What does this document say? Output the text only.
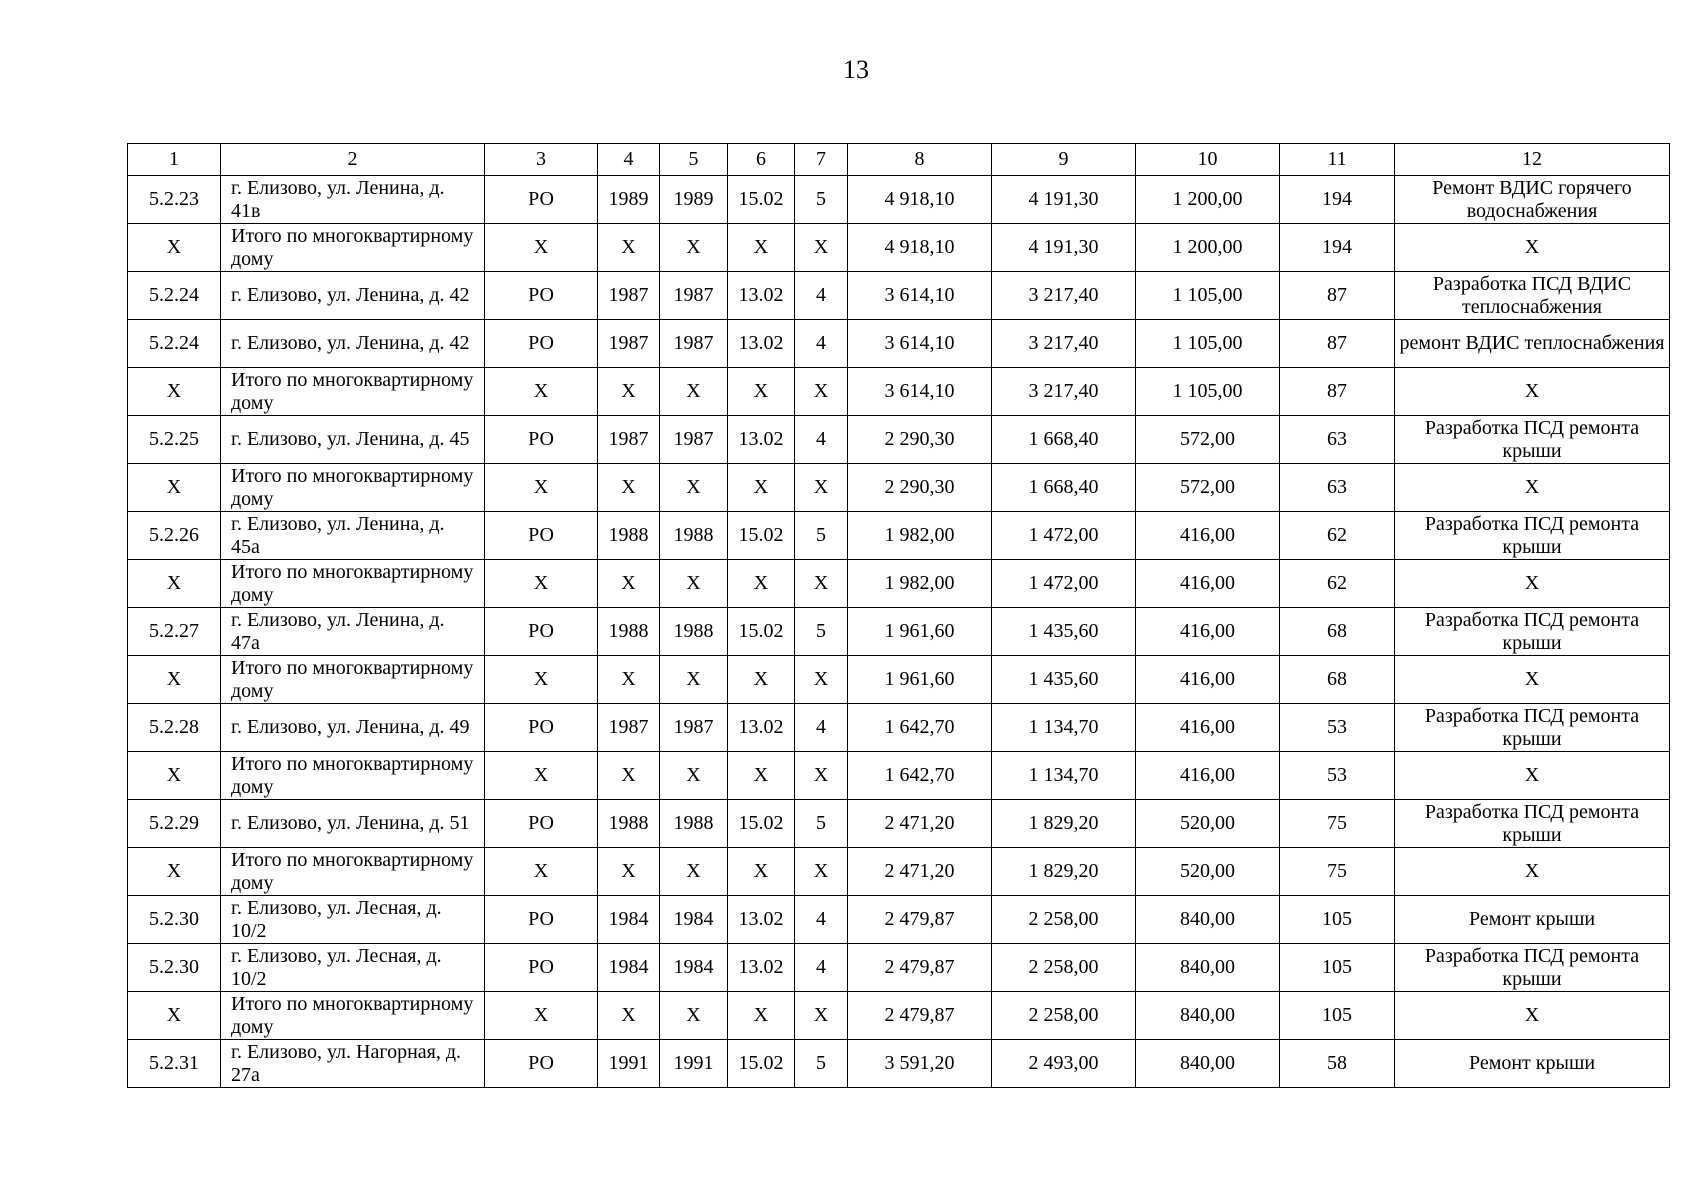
13
1	2	3	4	5	6	7	8	9	10	11	12
5.2.23	г. Елизово, ул. Ленина, д. 41в	РО	1989	1989	15.02	5	4 918,10	4 191,30	1 200,00	194	Ремонт ВДИС горячего водоснабжения
Х	Итого по многоквартирному дому	Х	Х	Х	Х	Х	4 918,10	4 191,30	1 200,00	194	Х
5.2.24	г. Елизово, ул. Ленина, д. 42	РО	1987	1987	13.02	4	3 614,10	3 217,40	1 105,00	87	Разработка ПСД ВДИС теплоснабжения
5.2.24	г. Елизово, ул. Ленина, д. 42	РО	1987	1987	13.02	4	3 614,10	3 217,40	1 105,00	87	ремонт ВДИС теплоснабжения
Х	Итого по многоквартирному дому	Х	Х	Х	Х	Х	3 614,10	3 217,40	1 105,00	87	Х
5.2.25	г. Елизово, ул. Ленина, д. 45	РО	1987	1987	13.02	4	2 290,30	1 668,40	572,00	63	Разработка ПСД ремонта крыши
Х	Итого по многоквартирному дому	Х	Х	Х	Х	Х	2 290,30	1 668,40	572,00	63	Х
5.2.26	г. Елизово, ул. Ленина, д. 45а	РО	1988	1988	15.02	5	1 982,00	1 472,00	416,00	62	Разработка ПСД ремонта крыши
Х	Итого по многоквартирному дому	Х	Х	Х	Х	Х	1 982,00	1 472,00	416,00	62	Х
5.2.27	г. Елизово, ул. Ленина, д. 47а	РО	1988	1988	15.02	5	1 961,60	1 435,60	416,00	68	Разработка ПСД ремонта крыши
Х	Итого по многоквартирному дому	Х	Х	Х	Х	Х	1 961,60	1 435,60	416,00	68	Х
5.2.28	г. Елизово, ул. Ленина, д. 49	РО	1987	1987	13.02	4	1 642,70	1 134,70	416,00	53	Разработка ПСД ремонта крыши
Х	Итого по многоквартирному дому	Х	Х	Х	Х	Х	1 642,70	1 134,70	416,00	53	Х
5.2.29	г. Елизово, ул. Ленина, д. 51	РО	1988	1988	15.02	5	2 471,20	1 829,20	520,00	75	Разработка ПСД ремонта крыши
Х	Итого по многоквартирному дому	Х	Х	Х	Х	Х	2 471,20	1 829,20	520,00	75	Х
5.2.30	г. Елизово, ул. Лесная, д. 10/2	РО	1984	1984	13.02	4	2 479,87	2 258,00	840,00	105	Ремонт крыши
5.2.30	г. Елизово, ул. Лесная, д. 10/2	РО	1984	1984	13.02	4	2 479,87	2 258,00	840,00	105	Разработка ПСД ремонта крыши
Х	Итого по многоквартирному дому	Х	Х	Х	Х	Х	2 479,87	2 258,00	840,00	105	Х
5.2.31	г. Елизово, ул. Нагорная, д. 27а	РО	1991	1991	15.02	5	3 591,20	2 493,00	840,00	58	Ремонт крыши
